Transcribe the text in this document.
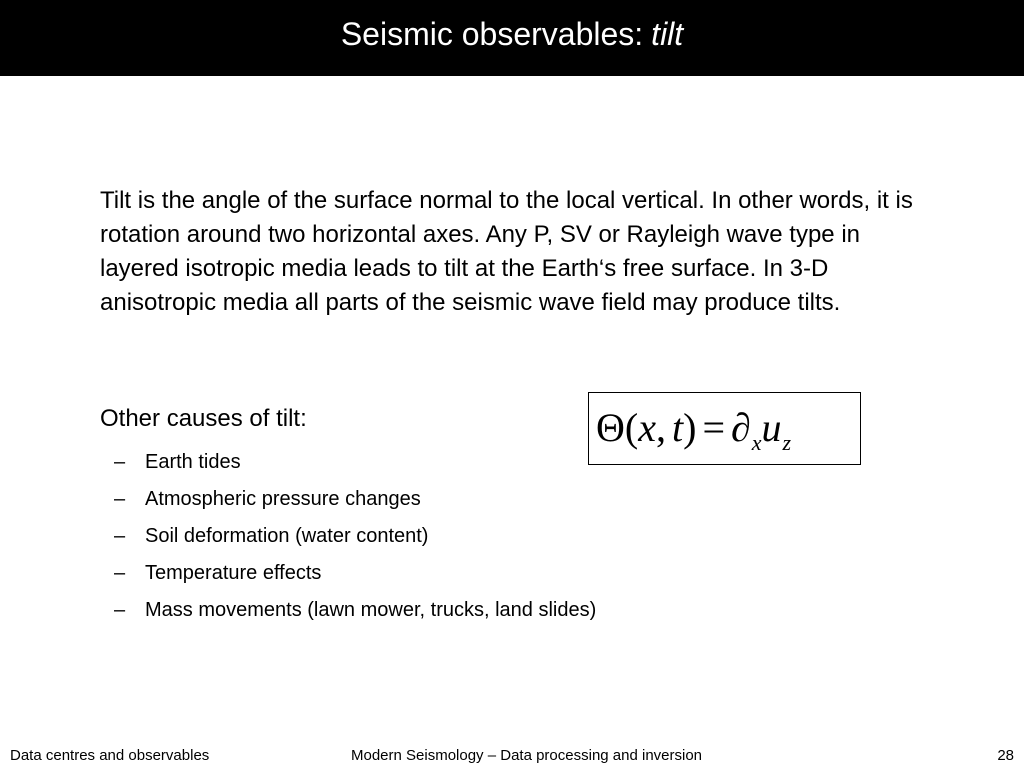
Seismic observables: tilt

Tilt is the angle of the surface normal to the local vertical. In other words, it is rotation around two horizontal axes. Any P, SV or Rayleigh wave type in layered isotropic media leads to tilt at the Earth‘s free surface. In 3-D anisotropic media all parts of the seismic wave field may produce tilts.

Other causes of tilt:

– Earth tides
– Atmospheric pressure changes
– Soil deformation (water content)
– Temperature effects
– Mass movements (lawn mower, trucks, land slides)
Θ(x, $t) = \partial_xu_z$
Data centres and observables	Modern Seismology – Data processing and inversion	28
